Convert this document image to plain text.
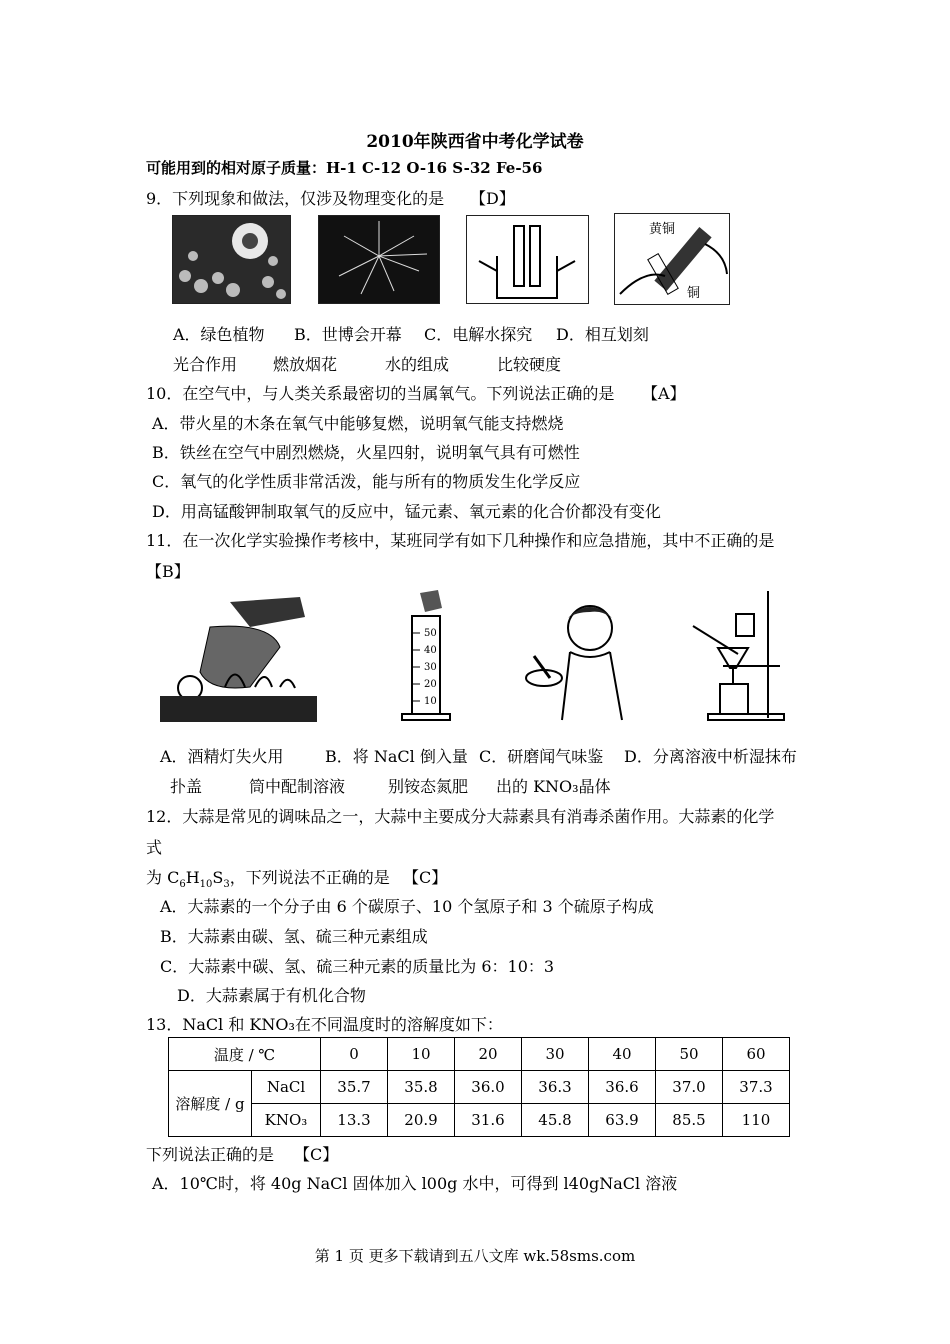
2010年陕西省中考化学试卷
可能用到的相对原子质量：H-1 C-12 O-16 S-32 Fe-56
9．下列现象和做法，仅涉及物理变化的是 【D】
黄铜
铜
A．绿色植物 B．世博会开幕 C．电解水探究 D．相互划刻
光合作用 燃放烟花	水的组成	比较硬度
10．在空气中，与人类关系最密切的当属氧气。下列说法正确的是 【A】
A．带火星的木条在氧气中能够复燃，说明氧气能支持燃烧
B．铁丝在空气中剧烈燃烧，火星四射，说明氧气具有可燃性
C．氧气的化学性质非常活泼，能与所有的物质发生化学反应
D．用高锰酸钾制取氧气的反应中，锰元素、氧元素的化合价都没有变化
11．在一次化学实验操作考核中，某班同学有如下几种操作和应急措施，其中不正确的是
【B】
50
40
30
20
10
A．酒精灯失火用	B．将 NaCl 倒入量 C．研磨闻气味鉴 D．分离溶液中析湿抹布
扑盖	筒中配制溶液	别铵态氮肥 出的 KNO₃晶体
12．大蒜是常见的调味品之一，大蒜中主要成分大蒜素具有消毒杀菌作用。大蒜素的化学
式
为 $C_6H_{10}S_3$，下列说法不正确的是 【C】
A．大蒜素的一个分子由 6 个碳原子、10 个氢原子和 3 个硫原子构成
B．大蒜素由碳、氢、硫三种元素组成
C．大蒜素中碳、氢、硫三种元素的质量比为 6：10：3
D．大蒜素属于有机化合物
13．NaCl 和 KNO₃在不同温度时的溶解度如下：
温度 / ℃		0	10	20	30	40	50	60
溶解度 / g	NaCl	35.7	35.8	36.0	36.3	36.6	37.0	37.3
	KNO₃	13.3	20.9	31.6	45.8	63.9	85.5	110
下列说法正确的是 【C】
A．10℃时，将 40g NaCl 固体加入 l00g 水中，可得到 l40gNaCl 溶液
第 1 页 更多下载请到五八文库 wk.58sms.com
